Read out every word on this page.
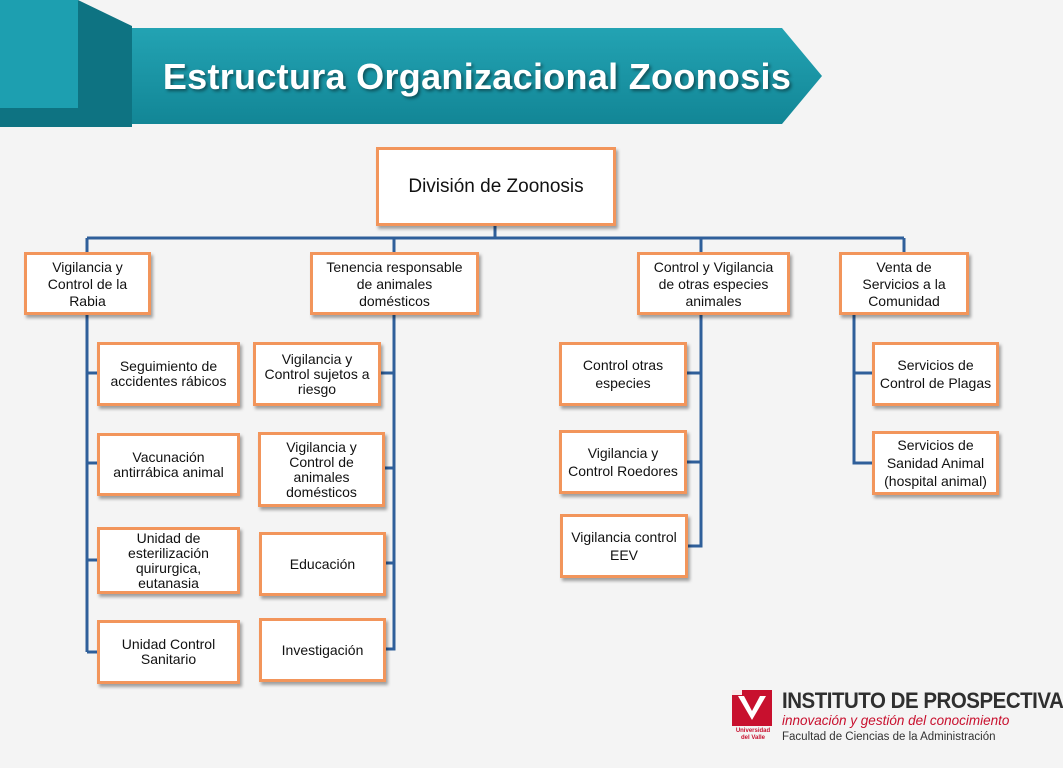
Estructura Organizacional Zoonosis
División de Zoonosis
Vigilancia y
Control de la
Rabia
Tenencia responsable
de animales
domésticos
Control y Vigilancia
de otras especies
animales
Venta de
Servicios a la
Comunidad
Seguimiento de
accidentes rábicos
Vacunación
antirrábica animal
Unidad de
esterilización
quirurgica,
eutanasia
Unidad Control
Sanitario
Vigilancia y
Control sujetos a
riesgo
Vigilancia y
Control de
animales
domésticos
Educación
Investigación
Control otras
especies
Vigilancia y
Control Roedores
Vigilancia control
EEV
Servicios de
Control de Plagas
Servicios de
Sanidad Animal
(hospital animal)
Universidad del Valle
INSTITUTO DE PROSPECTIVA
innovación y gestión del conocimiento
Facultad de Ciencias de la Administración
